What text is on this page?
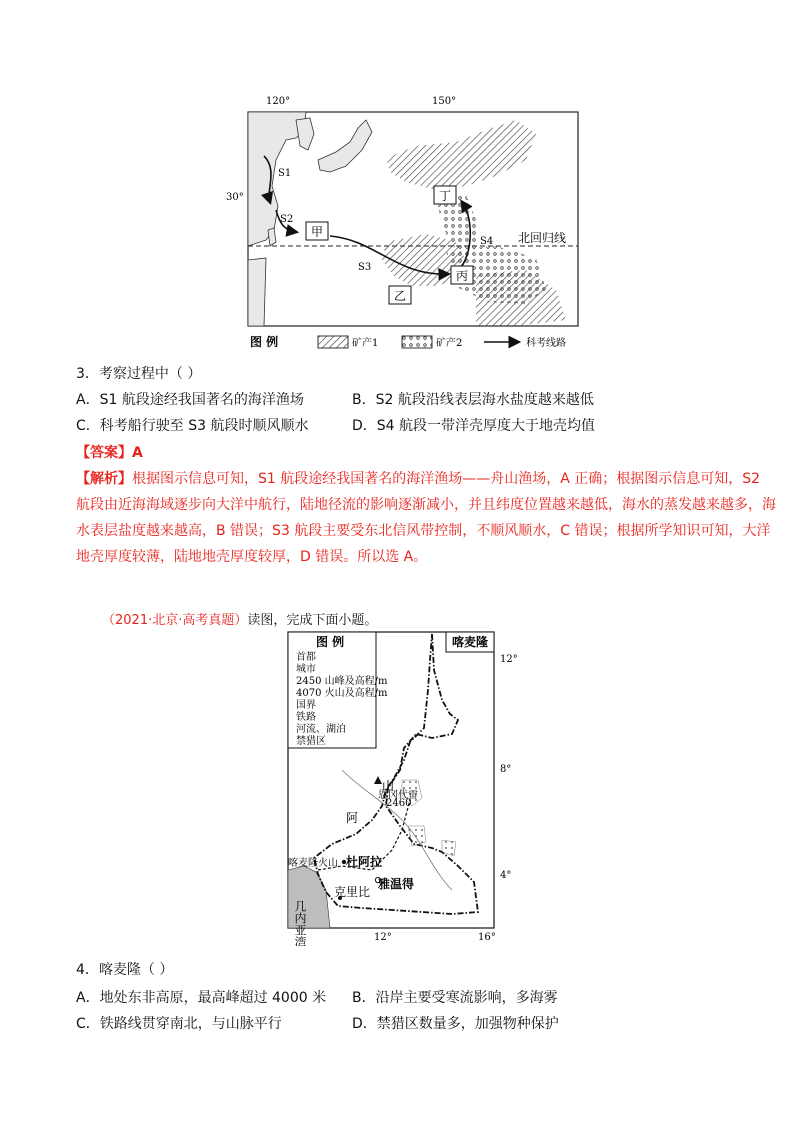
120°	150°
30°
北回归线
S1
S2
S3
S4
甲
乙
丙
丁
图 例	矿产1	矿产2	科考线路
3．考察过程中（ ）
A．S1 航段途经我国著名的海洋渔场	B．S2 航段沿线表层海水盐度越来越低
C．科考船行驶至 S3 航段时顺风顺水	D．S4 航段一带洋壳厚度大于地壳均值
【答案】A
【解析】根据图示信息可知，S1 航段途经我国著名的海洋渔场——舟山渔场，A 正确；根据图示信息可知，S2 航段由近海海域逐步向大洋中航行，陆地径流的影响逐渐减小，并且纬度位置越来越低，海水的蒸发越来越多，海水表层盐度越来越高，B 错误；S3 航段主要受东北信风带控制，不顺风顺水，C 错误；根据所学知识可知，大洋地壳厚度较薄，陆地地壳厚度较厚，D 错误。所以选 A。
（2021·北京·高考真题）读图，完成下面小题。
图 例
首都
城市
2450 山峰及高程/m
4070 火山及高程/m
国界
铁路
河流、湖泊
禁猎区
喀麦隆
12°
8°
4°
12°	16°
杜阿拉
雅温得
克里比
几内亚湾
喀麦隆火山
阿
山
恩冈代雷
2460
4．喀麦隆（ ）
A．地处东非高原，最高峰超过 4000 米 B．沿岸主要受寒流影响，多海雾
C．铁路线贯穿南北，与山脉平行	D．禁猎区数量多，加强物种保护
